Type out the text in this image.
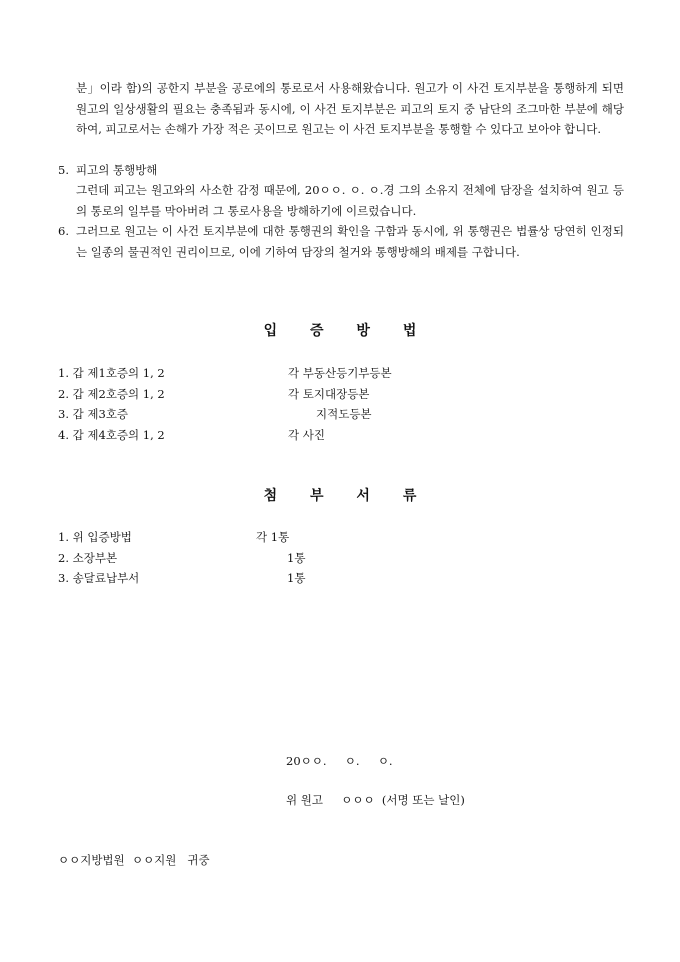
분」이라 함)의 공한지 부분을 공로에의 통로로서 사용해왔습니다. 원고가 이 사건 토지부분을 통행하게 되면 원고의 일상생활의 필요는 충족됨과 동시에, 이 사건 토지부분은 피고의 토지 중 남단의 조그마한 부분에 해당하여, 피고로서는 손해가 가장 적은 곳이므로 원고는 이 사건 토지부분을 통행할 수 있다고 보아야 합니다.

5. 피고의 통행방해

그런데 피고는 원고와의 사소한 감정 때문에, 20ㅇㅇ. ㅇ. ㅇ.경 그의 소유지 전체에 담장을 설치하여 원고 등의 통로의 일부를 막아버려 그 통로사용을 방해하기에 이르렀습니다.

6. 그러므로 원고는 이 사건 토지부분에 대한 통행권의 확인을 구함과 동시에, 위 통행권은 법률상 당연히 인정되는 일종의 물권적인 권리이므로, 이에 기하여 담장의 철거와 통행방해의 배제를 구합니다.

입 증 방 법

1. 갑 제1호증의 1, 2	각 부동산등기부등본
2. 갑 제2호증의 1, 2	각 토지대장등본
3. 갑 제3호증	지적도등본
4. 갑 제4호증의 1, 2	각 사진

첨 부 서 류

1. 위 입증방법	각 1통
2. 소장부본	1통
3. 송달료납부서	1통
20ㅇㅇ.     ㅇ.     ㅇ.
위 원고     ㅇㅇㅇ  (서명 또는 날인)
ㅇㅇ지방법원  ㅇㅇ지원   귀중
